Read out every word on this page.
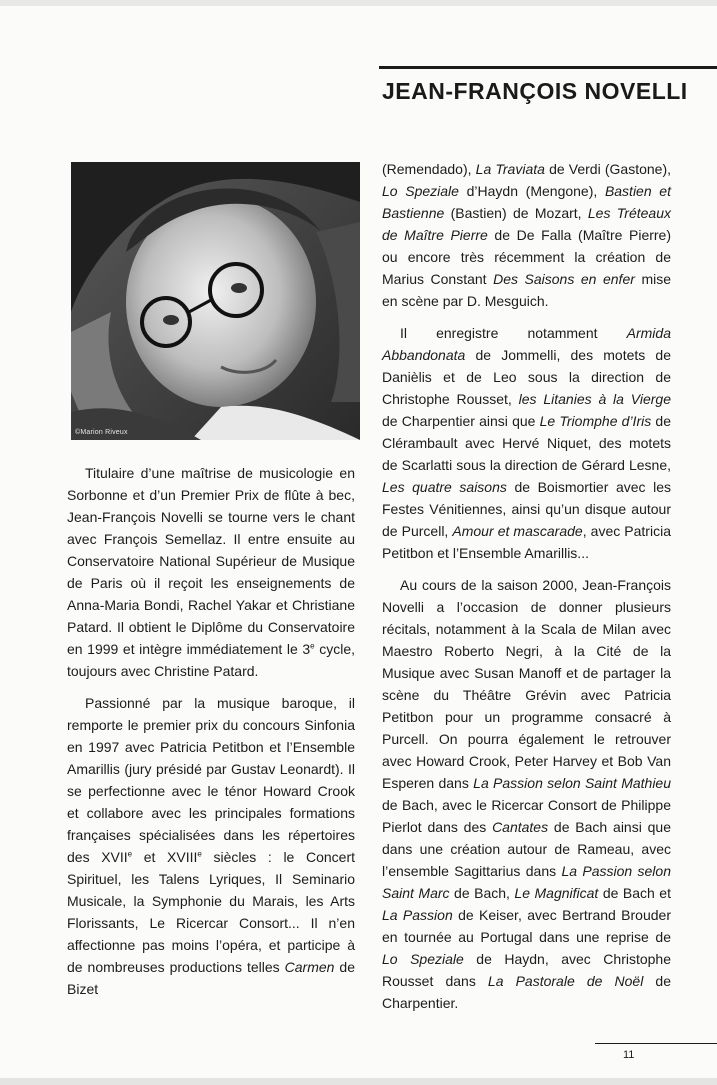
JEAN-FRANÇOIS NOVELLI
©Marion Riveux

Titulaire d’une maîtrise de musicologie en Sorbonne et d’un Premier Prix de flûte à bec, Jean-François Novelli se tourne vers le chant avec François Semellaz. Il entre ensuite au Conservatoire National Supérieur de Musique de Paris où il reçoit les enseignements de Anna-Maria Bondi, Rachel Yakar et Christiane Patard. Il obtient le Diplôme du Conservatoire en 1999 et intègre immédiatement le 3e cycle, toujours avec Christine Patard.

Passionné par la musique baroque, il remporte le premier prix du concours Sinfonia en 1997 avec Patricia Petitbon et l’Ensemble Amarillis (jury présidé par Gustav Leonardt). Il se perfectionne avec le ténor Howard Crook et collabore avec les principales formations françaises spécialisées dans les répertoires des XVIIe et XVIIIe siècles : le Concert Spirituel, les Talens Lyriques, Il Seminario Musicale, la Symphonie du Marais, les Arts Florissants, Le Ricercar Consort... Il n’en affectionne pas moins l’opéra, et participe à de nombreuses productions telles Carmen de Bizet

(Remendado), La Traviata de Verdi (Gastone), Lo Speziale d’Haydn (Mengone), Bastien et Bastienne (Bastien) de Mozart, Les Tréteaux de Maître Pierre de De Falla (Maître Pierre) ou encore très récemment la création de Marius Constant Des Saisons en enfer mise en scène par D. Mesguich.

Il enregistre notamment Armida Abbandonata de Jommelli, des motets de Danièlis et de Leo sous la direction de Christophe Rousset, les Litanies à la Vierge de Charpentier ainsi que Le Triomphe d’Iris de Clérambault avec Hervé Niquet, des motets de Scarlatti sous la direction de Gérard Lesne, Les quatre saisons de Boismortier avec les Festes Vénitiennes, ainsi qu’un disque autour de Purcell, Amour et mascarade, avec Patricia Petitbon et l’Ensemble Amarillis...

Au cours de la saison 2000, Jean-François Novelli a l’occasion de donner plusieurs récitals, notamment à la Scala de Milan avec Maestro Roberto Negri, à la Cité de la Musique avec Susan Manoff et de partager la scène du Théâtre Grévin avec Patricia Petitbon pour un programme consacré à Purcell. On pourra également le retrouver avec Howard Crook, Peter Harvey et Bob Van Esperen dans La Passion selon Saint Mathieu de Bach, avec le Ricercar Consort de Philippe Pierlot dans des Cantates de Bach ainsi que dans une création autour de Rameau, avec l’ensemble Sagittarius dans La Passion selon Saint Marc de Bach, Le Magnificat de Bach et La Passion de Keiser, avec Bertrand Brouder en tournée au Portugal dans une reprise de Lo Speziale de Haydn, avec Christophe Rousset dans La Pastorale de Noël de Charpentier.

11
